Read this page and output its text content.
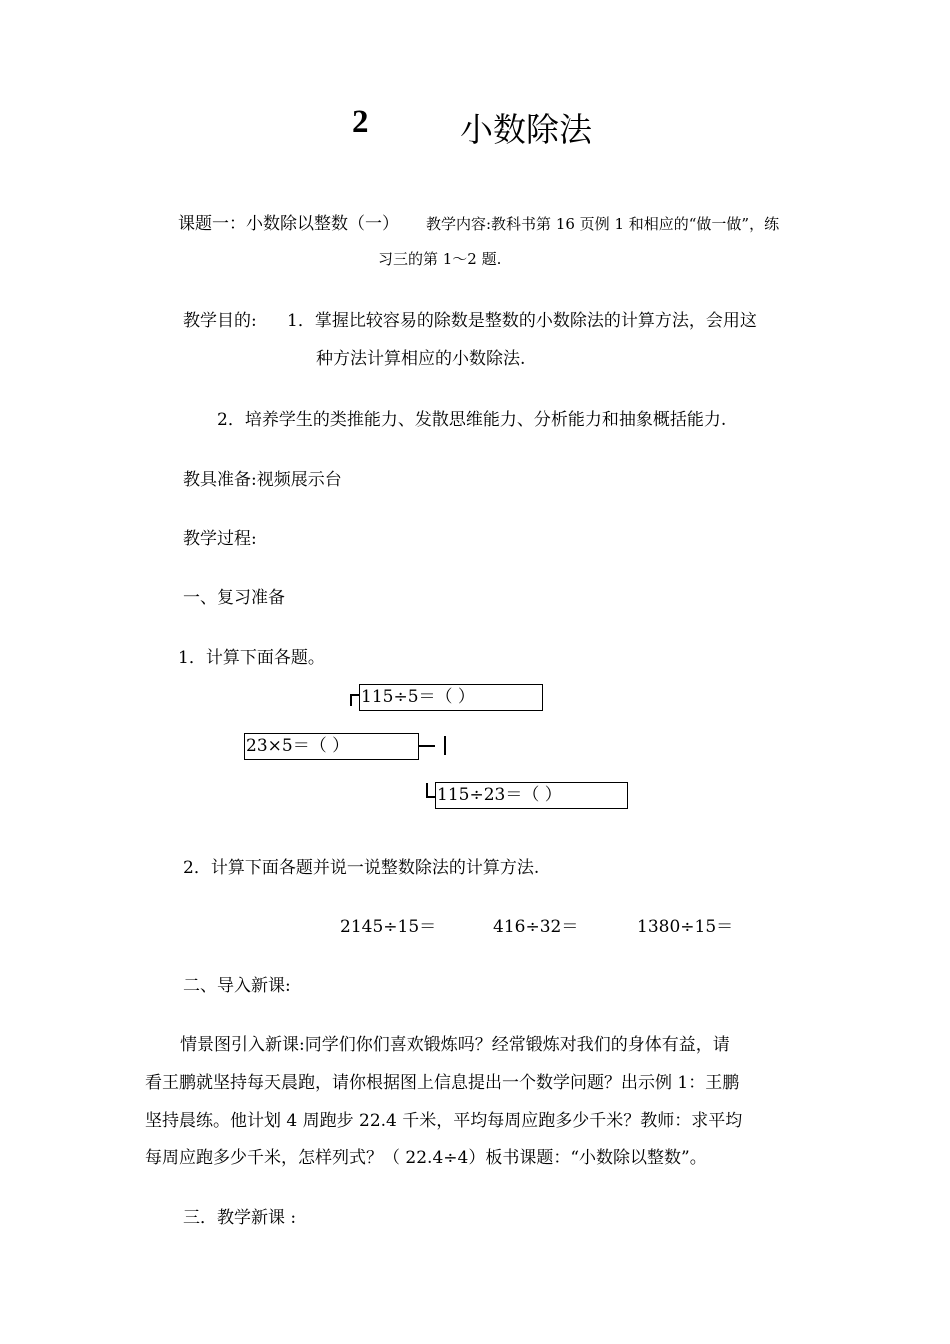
2	小数除法
课题一：小数除以整数（一） 教学内容:教科书第 16 页例 1 和相应的“做一做”，练
习三的第 1～2 题.
教学目的: 1．掌握比较容易的除数是整数的小数除法的计算方法，会用这
种方法计算相应的小数除法.
2．培养学生的类推能力、发散思维能力、分析能力和抽象概括能力.
教具准备:视频展示台
教学过程:
一、复习准备
1．计算下面各题。
115÷5＝（ ）
23×5＝（ ）
115÷23＝（ ）
2．计算下面各题并说一说整数除法的计算方法.
2145÷15＝	416÷32＝	1380÷15＝
二、导入新课:
情景图引入新课:同学们你们喜欢锻炼吗？经常锻炼对我们的身体有益，请
看王鹏就坚持每天晨跑，请你根据图上信息提出一个数学问题？出示例 1：王鹏
坚持晨练。他计划 4 周跑步 22.4 千米，平均每周应跑多少千米？教师：求平均
每周应跑多少千米，怎样列式？（ 22.4÷4）板书课题：“小数除以整数”。
三．教学新课 :
